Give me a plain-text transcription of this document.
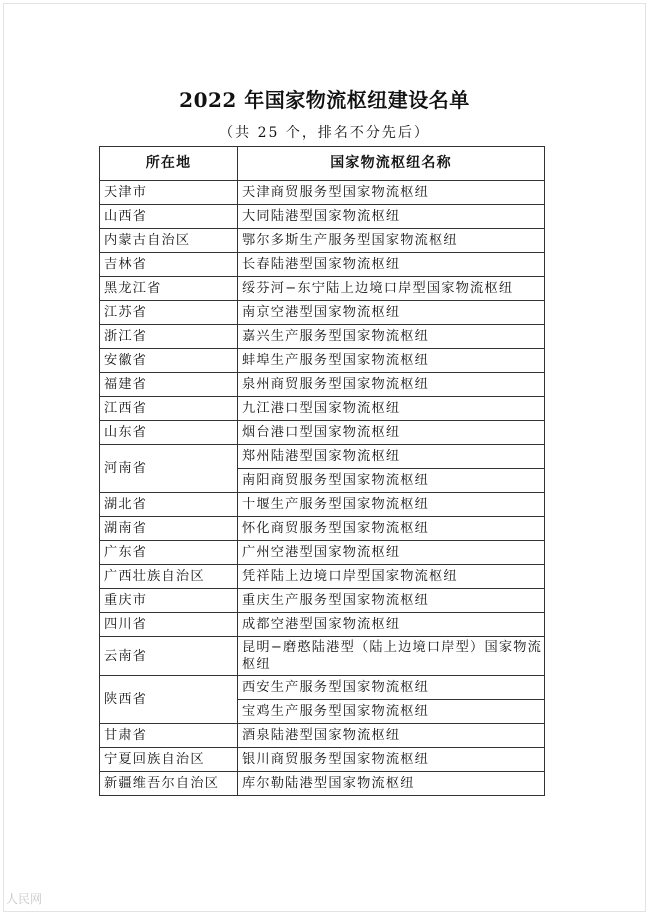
2022 年国家物流枢纽建设名单
（共 25 个，排名不分先后）
所在地	国家物流枢纽名称
天津市	天津商贸服务型国家物流枢纽
山西省	大同陆港型国家物流枢纽
内蒙古自治区	鄂尔多斯生产服务型国家物流枢纽
吉林省	长春陆港型国家物流枢纽
黑龙江省	绥芬河−东宁陆上边境口岸型国家物流枢纽
江苏省	南京空港型国家物流枢纽
浙江省	嘉兴生产服务型国家物流枢纽
安徽省	蚌埠生产服务型国家物流枢纽
福建省	泉州商贸服务型国家物流枢纽
江西省	九江港口型国家物流枢纽
山东省	烟台港口型国家物流枢纽
河南省	郑州陆港型国家物流枢纽
	南阳商贸服务型国家物流枢纽
湖北省	十堰生产服务型国家物流枢纽
湖南省	怀化商贸服务型国家物流枢纽
广东省	广州空港型国家物流枢纽
广西壮族自治区	凭祥陆上边境口岸型国家物流枢纽
重庆市	重庆生产服务型国家物流枢纽
四川省	成都空港型国家物流枢纽
云南省	昆明−磨憨陆港型（陆上边境口岸型）国家物流枢纽
陕西省	西安生产服务型国家物流枢纽
	宝鸡生产服务型国家物流枢纽
甘肃省	酒泉陆港型国家物流枢纽
宁夏回族自治区	银川商贸服务型国家物流枢纽
新疆维吾尔自治区	库尔勒陆港型国家物流枢纽
人民网
